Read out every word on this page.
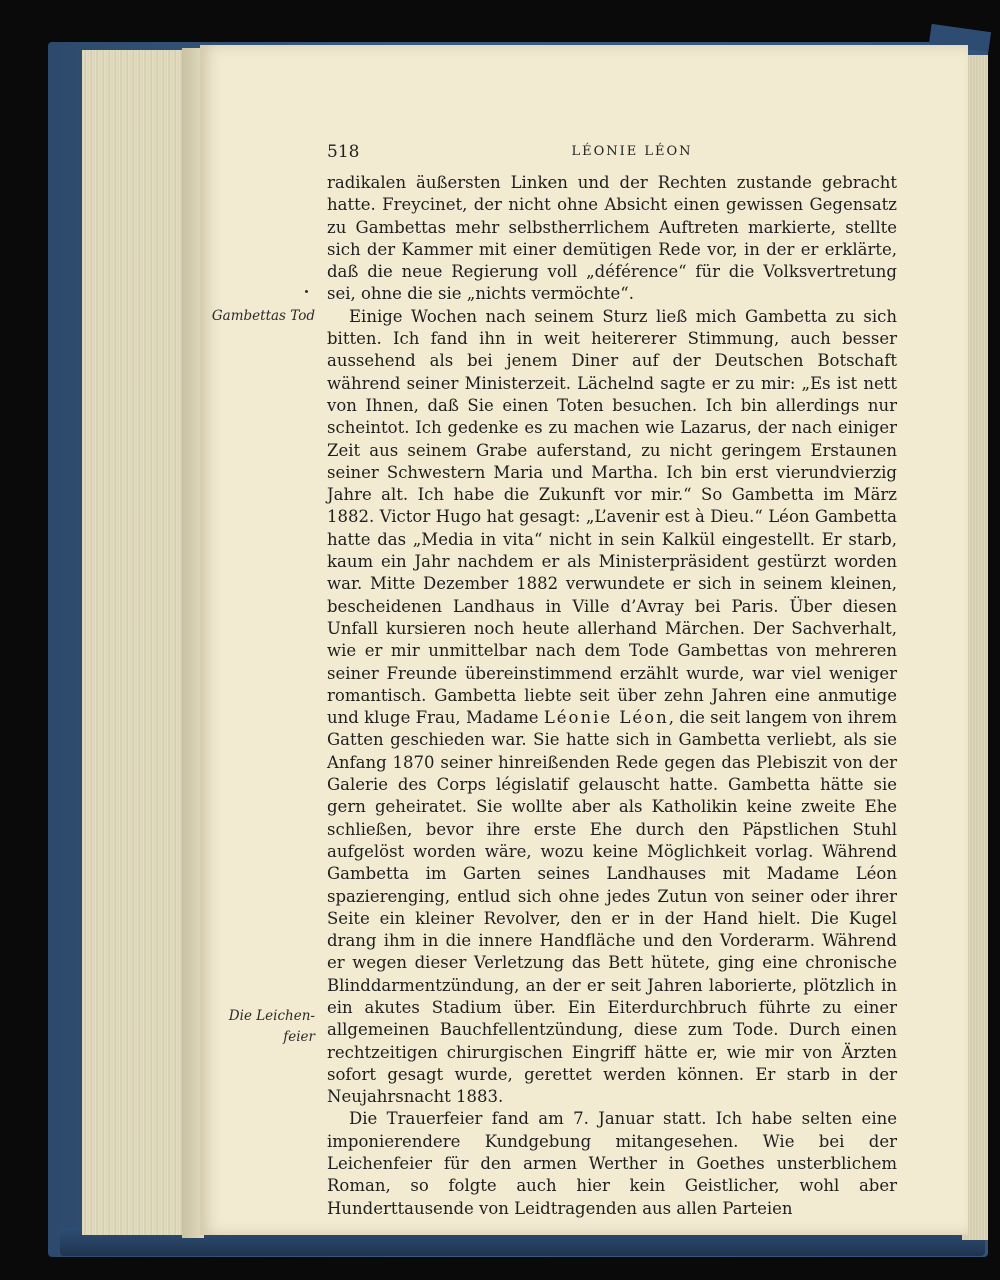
518	LÉONIE LÉON
Gambettas Tod
Die Leichen-
feier

radikalen äußersten Linken und der Rechten zustande gebracht hatte. Freycinet, der nicht ohne Absicht einen gewissen Gegensatz zu Gambettas mehr selbstherrlichem Auftreten markierte, stellte sich der Kammer mit einer demütigen Rede vor, in der er erklärte, daß die neue Regierung voll „déférence“ für die Volksvertretung sei, ohne die sie „nichts vermöchte“.

Einige Wochen nach seinem Sturz ließ mich Gambetta zu sich bitten. Ich fand ihn in weit heitererer Stimmung, auch besser aussehend als bei jenem Diner auf der Deutschen Botschaft während seiner Ministerzeit. Lächelnd sagte er zu mir: „Es ist nett von Ihnen, daß Sie einen Toten besuchen. Ich bin allerdings nur scheintot. Ich gedenke es zu machen wie Lazarus, der nach einiger Zeit aus seinem Grabe auferstand, zu nicht geringem Erstaunen seiner Schwestern Maria und Martha. Ich bin erst vierundvierzig Jahre alt. Ich habe die Zukunft vor mir.“ So Gambetta im März 1882. Victor Hugo hat gesagt: „L’avenir est à Dieu.“ Léon Gambetta hatte das „Media in vita“ nicht in sein Kalkül eingestellt. Er starb, kaum ein Jahr nachdem er als Ministerpräsident gestürzt worden war. Mitte Dezember 1882 verwundete er sich in seinem kleinen, bescheidenen Landhaus in Ville d’Avray bei Paris. Über diesen Unfall kursieren noch heute allerhand Märchen. Der Sachverhalt, wie er mir unmittelbar nach dem Tode Gambettas von mehreren seiner Freunde übereinstimmend erzählt wurde, war viel weniger romantisch. Gambetta liebte seit über zehn Jahren eine anmutige und kluge Frau, Madame Léonie Léon, die seit langem von ihrem Gatten geschieden war. Sie hatte sich in Gambetta verliebt, als sie Anfang 1870 seiner hinreißenden Rede gegen das Plebiszit von der Galerie des Corps législatif gelauscht hatte. Gambetta hätte sie gern geheiratet. Sie wollte aber als Katholikin keine zweite Ehe schließen, bevor ihre erste Ehe durch den Päpstlichen Stuhl aufgelöst worden wäre, wozu keine Möglichkeit vorlag. Während Gambetta im Garten seines Landhauses mit Madame Léon spazierenging, entlud sich ohne jedes Zutun von seiner oder ihrer Seite ein kleiner Revolver, den er in der Hand hielt. Die Kugel drang ihm in die innere Handfläche und den Vorderarm. Während er wegen dieser Verletzung das Bett hütete, ging eine chronische Blinddarmentzündung, an der er seit Jahren laborierte, plötzlich in ein akutes Stadium über. Ein Eiterdurchbruch führte zu einer allgemeinen Bauchfellentzündung, diese zum Tode. Durch einen rechtzeitigen chirurgischen Eingriff hätte er, wie mir von Ärzten sofort gesagt wurde, gerettet werden können. Er starb in der Neujahrsnacht 1883.

Die Trauerfeier fand am 7. Januar statt. Ich habe selten eine imponierendere Kundgebung mitangesehen. Wie bei der Leichenfeier für den armen Werther in Goethes unsterblichem Roman, so folgte auch hier kein Geistlicher, wohl aber Hunderttausende von Leidtragenden aus allen Parteien
